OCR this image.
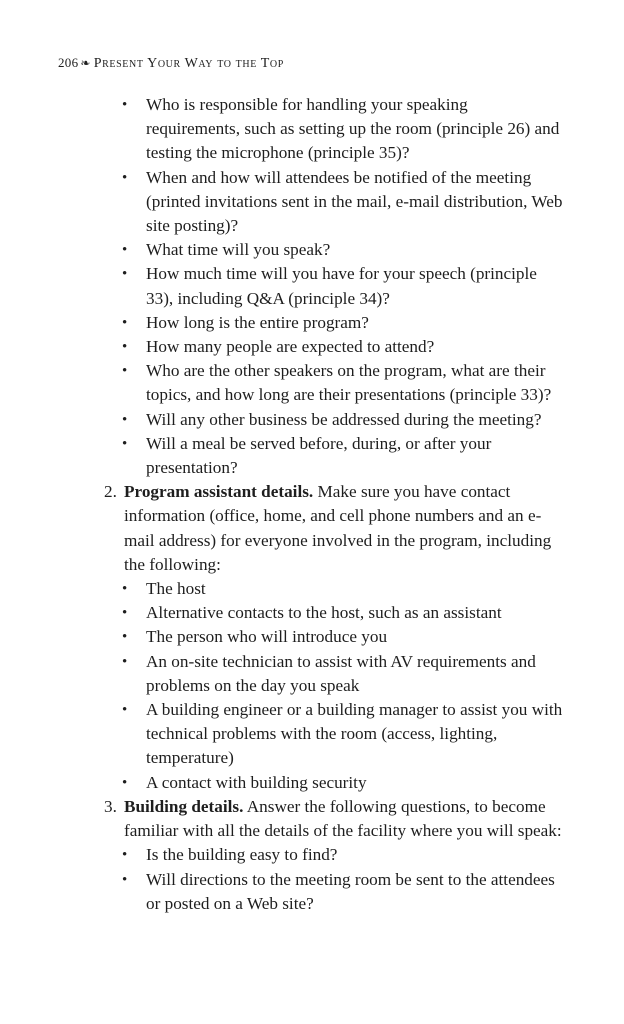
206 ❧ Present Your Way to the Top
• Who is responsible for handling your speaking requirements, such as setting up the room (principle 26) and testing the microphone (principle 35)?
• When and how will attendees be notified of the meeting (printed invitations sent in the mail, e-mail distribution, Web site posting)?
• What time will you speak?
• How much time will you have for your speech (principle 33), including Q&A (principle 34)?
• How long is the entire program?
• How many people are expected to attend?
• Who are the other speakers on the program, what are their topics, and how long are their presentations (principle 33)?
• Will any other business be addressed during the meeting?
• Will a meal be served before, during, or after your presentation?
2. Program assistant details. Make sure you have contact information (office, home, and cell phone numbers and an e-mail address) for everyone involved in the program, including the following:
• The host
• Alternative contacts to the host, such as an assistant
• The person who will introduce you
• An on-site technician to assist with AV requirements and problems on the day you speak
• A building engineer or a building manager to assist you with technical problems with the room (access, lighting, temperature)
• A contact with building security
3. Building details. Answer the following questions, to become familiar with all the details of the facility where you will speak:
• Is the building easy to find?
• Will directions to the meeting room be sent to the attendees or posted on a Web site?
